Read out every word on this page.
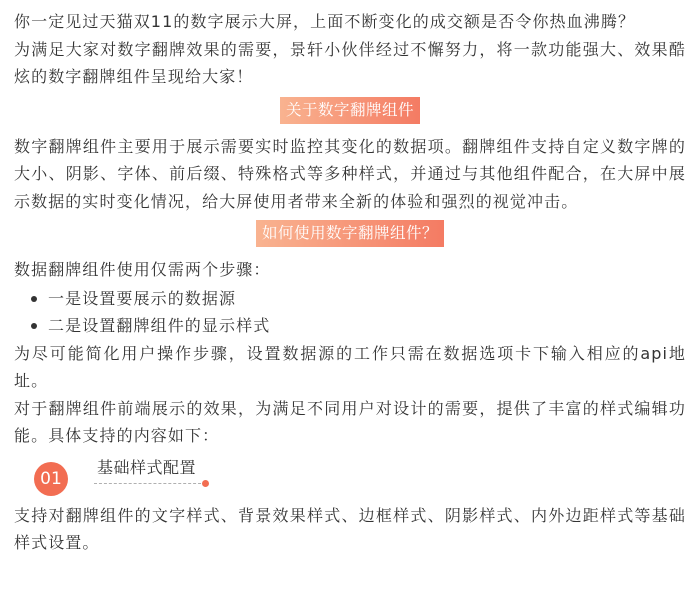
你一定见过天猫双11的数字展示大屏，上面不断变化的成交额是否令你热血沸腾？

为满足大家对数字翻牌效果的需要，景轩小伙伴经过不懈努力，将一款功能强大、效果酷炫的数字翻牌组件呈现给大家！

关于数字翻牌组件

数字翻牌组件主要用于展示需要实时监控其变化的数据项。翻牌组件支持自定义数字牌的大小、阴影、字体、前后缀、特殊格式等多种样式，并通过与其他组件配合，在大屏中展示数据的实时变化情况，给大屏使用者带来全新的体验和强烈的视觉冲击。

如何使用数字翻牌组件？

数据翻牌组件使用仅需两个步骤：

一是设置要展示的数据源
二是设置翻牌组件的显示样式

为尽可能简化用户操作步骤，设置数据源的工作只需在数据选项卡下输入相应的api地址。

对于翻牌组件前端展示的效果，为满足不同用户对设计的需要，提供了丰富的样式编辑功能。具体支持的内容如下：

01
基础样式配置

支持对翻牌组件的文字样式、背景效果样式、边框样式、阴影样式、内外边距样式等基础样式设置。
